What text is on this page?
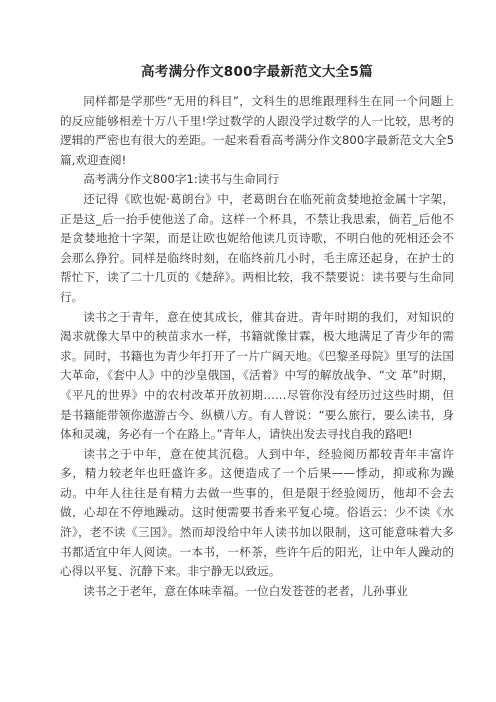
高考满分作文800字最新范文大全5篇

同样都是学那些“无用的科目”，文科生的思维跟理科生在同一个问题上的反应能够相差十万八千里!学过数学的人跟没学过数学的人一比较，思考的逻辑的严密也有很大的差距。一起来看看高考满分作文800字最新范文大全5篇,欢迎查阅!

高考满分作文800字1:读书与生命同行

还记得《欧也妮·葛朗台》中，老葛朗台在临死前贪婪地抢金属十字架，正是这_后一抬手使他送了命。这样一个杯具，不禁让我思索，倘若_后他不是贪婪地抢十字架，而是让欧也妮给他读几页诗歌，不明白他的死相还会不会那么狰狞。同样是临终时刻，在临终前几小时，毛主席还起身，在护士的帮忙下，读了二十几页的《楚辞》。两相比较，我不禁要说：读书要与生命同行。

读书之于青年，意在使其成长，催其奋进。青年时期的我们，对知识的渴求就像大旱中的秧苗求水一样，书籍就像甘霖，极大地满足了青少年的需求。同时，书籍也为青少年打开了一片广阔天地。《巴黎圣母院》里写的法国大革命，《套中人》中的沙皇俄国，《活着》中写的解放战争、“文 革”时期，《平凡的世界》中的农村改革开放初期……尽管你没有经历过这些时期，但是书籍能带领你遨游古今、纵横八方。有人曾说：“要么旅行，要么读书，身体和灵魂，务必有一个在路上。”青年人，请快出发去寻找自我的路吧!

读书之于中年，意在使其沉稳。人到中年，经验阅历都较青年丰富许多，精力较老年也旺盛许多。这便造成了一个后果——悸动，抑或称为躁动。中年人往往是有精力去做一些事的，但是限于经验阅历，他却不会去做，心却在不停地躁动。这时便需要书香来平复心境。俗语云：少不读《水浒》，老不读《三国》。然而却没给中年人读书加以限制，这可能意味着大多书都适宜中年人阅读。一本书，一杯茶，些许午后的阳光，让中年人躁动的心得以平复、沉静下来。非宁静无以致远。

读书之于老年，意在体味幸福。一位白发苍苍的老者，儿孙事业
